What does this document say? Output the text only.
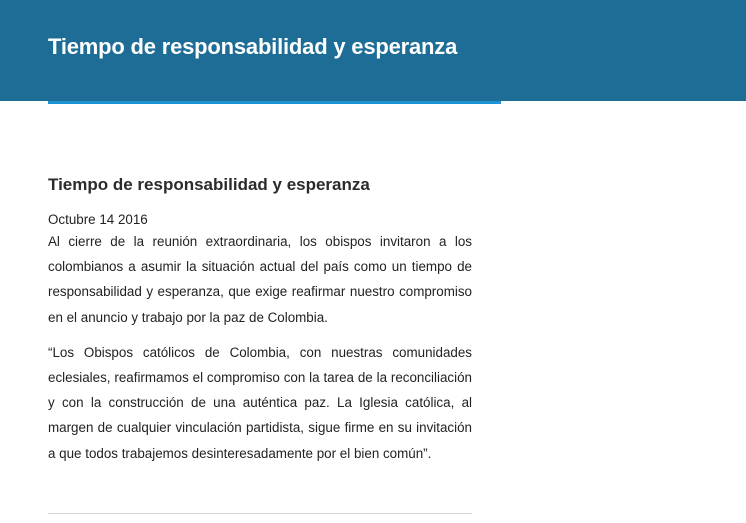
Tiempo de responsabilidad y esperanza
Tiempo de responsabilidad y esperanza
Octubre 14 2016

Al cierre de la reunión extraordinaria, los obispos invitaron a los colombianos a asumir la situación actual del país como un tiempo de responsabilidad y esperanza, que exige reafirmar nuestro compromiso en el anuncio y trabajo por la paz de Colombia.

“Los Obispos católicos de Colombia, con nuestras comunidades eclesiales, reafirmamos el compromiso con la tarea de la reconciliación y con la construcción de una auténtica paz. La Iglesia católica, al margen de cualquier vinculación partidista, sigue firme en su invitación a que todos trabajemos desinteresadamente por el bien común”.
